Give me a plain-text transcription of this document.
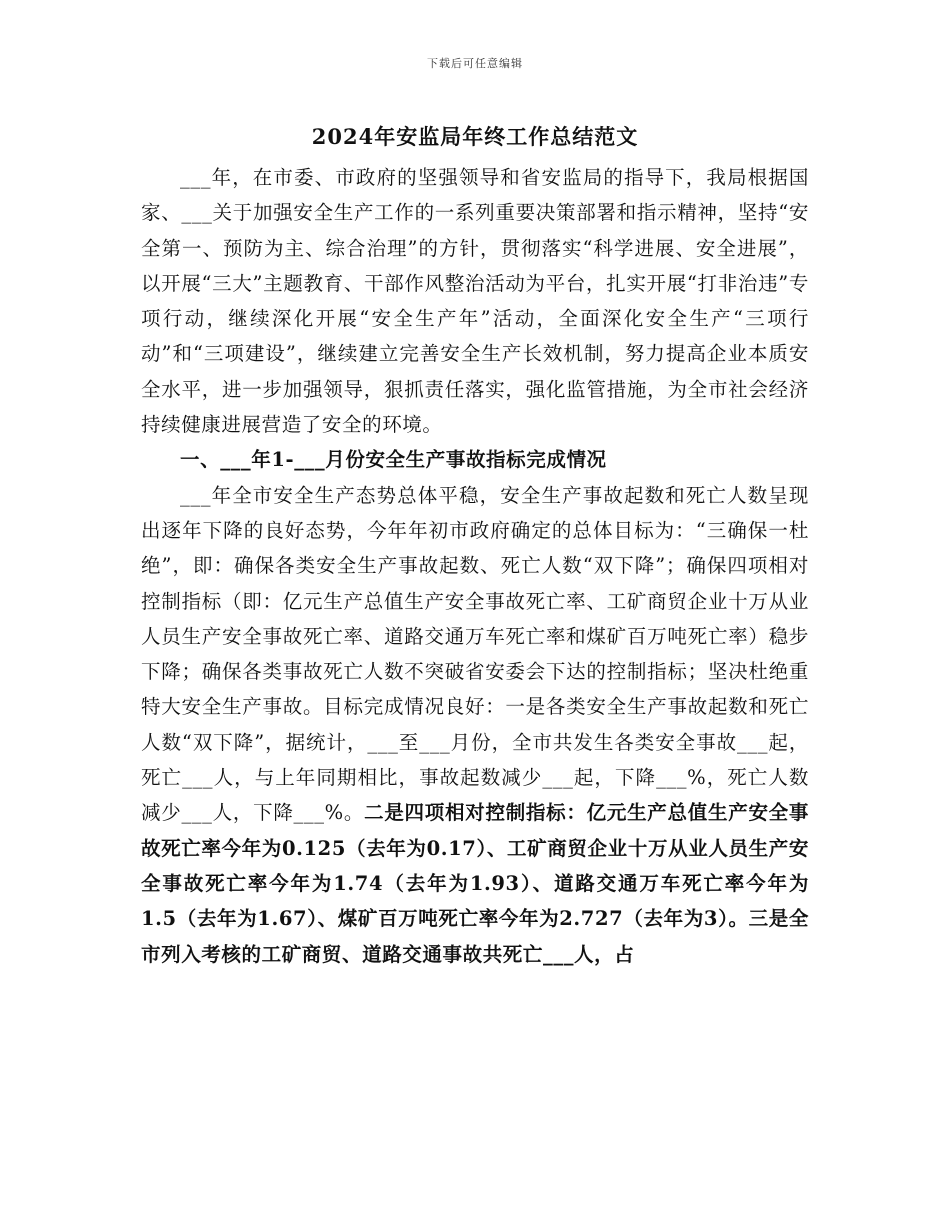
下载后可任意编辑
2024年安监局年终工作总结范文

___年，在市委、市政府的坚强领导和省安监局的指导下，我局根据国家、___关于加强安全生产工作的一系列重要决策部署和指示精神，坚持“安全第一、预防为主、综合治理”的方针，贯彻落实“科学进展、安全进展”，以开展“三大”主题教育、干部作风整治活动为平台，扎实开展“打非治违”专项行动，继续深化开展“安全生产年”活动，全面深化安全生产“三项行动”和“三项建设”，继续建立完善安全生产长效机制，努力提高企业本质安全水平，进一步加强领导，狠抓责任落实，强化监管措施，为全市社会经济持续健康进展营造了安全的环境。

一、___年1-___月份安全生产事故指标完成情况

___年全市安全生产态势总体平稳，安全生产事故起数和死亡人数呈现出逐年下降的良好态势，今年年初市政府确定的总体目标为：“三确保一杜绝”，即：确保各类安全生产事故起数、死亡人数“双下降”；确保四项相对控制指标（即：亿元生产总值生产安全事故死亡率、工矿商贸企业十万从业人员生产安全事故死亡率、道路交通万车死亡率和煤矿百万吨死亡率）稳步下降；确保各类事故死亡人数不突破省安委会下达的控制指标；坚决杜绝重特大安全生产事故。目标完成情况良好：一是各类安全生产事故起数和死亡人数“双下降”，据统计，___至___月份，全市共发生各类安全事故___起，死亡___人，与上年同期相比，事故起数减少___起，下降___%，死亡人数减少___人，下降___%。二是四项相对控制指标：亿元生产总值生产安全事故死亡率今年为0.125（去年为0.17）、工矿商贸企业十万从业人员生产安全事故死亡率今年为1.74（去年为1.93）、道路交通万车死亡率今年为1.5（去年为1.67）、煤矿百万吨死亡率今年为2.727（去年为3）。三是全市列入考核的工矿商贸、道路交通事故共死亡___人，占
